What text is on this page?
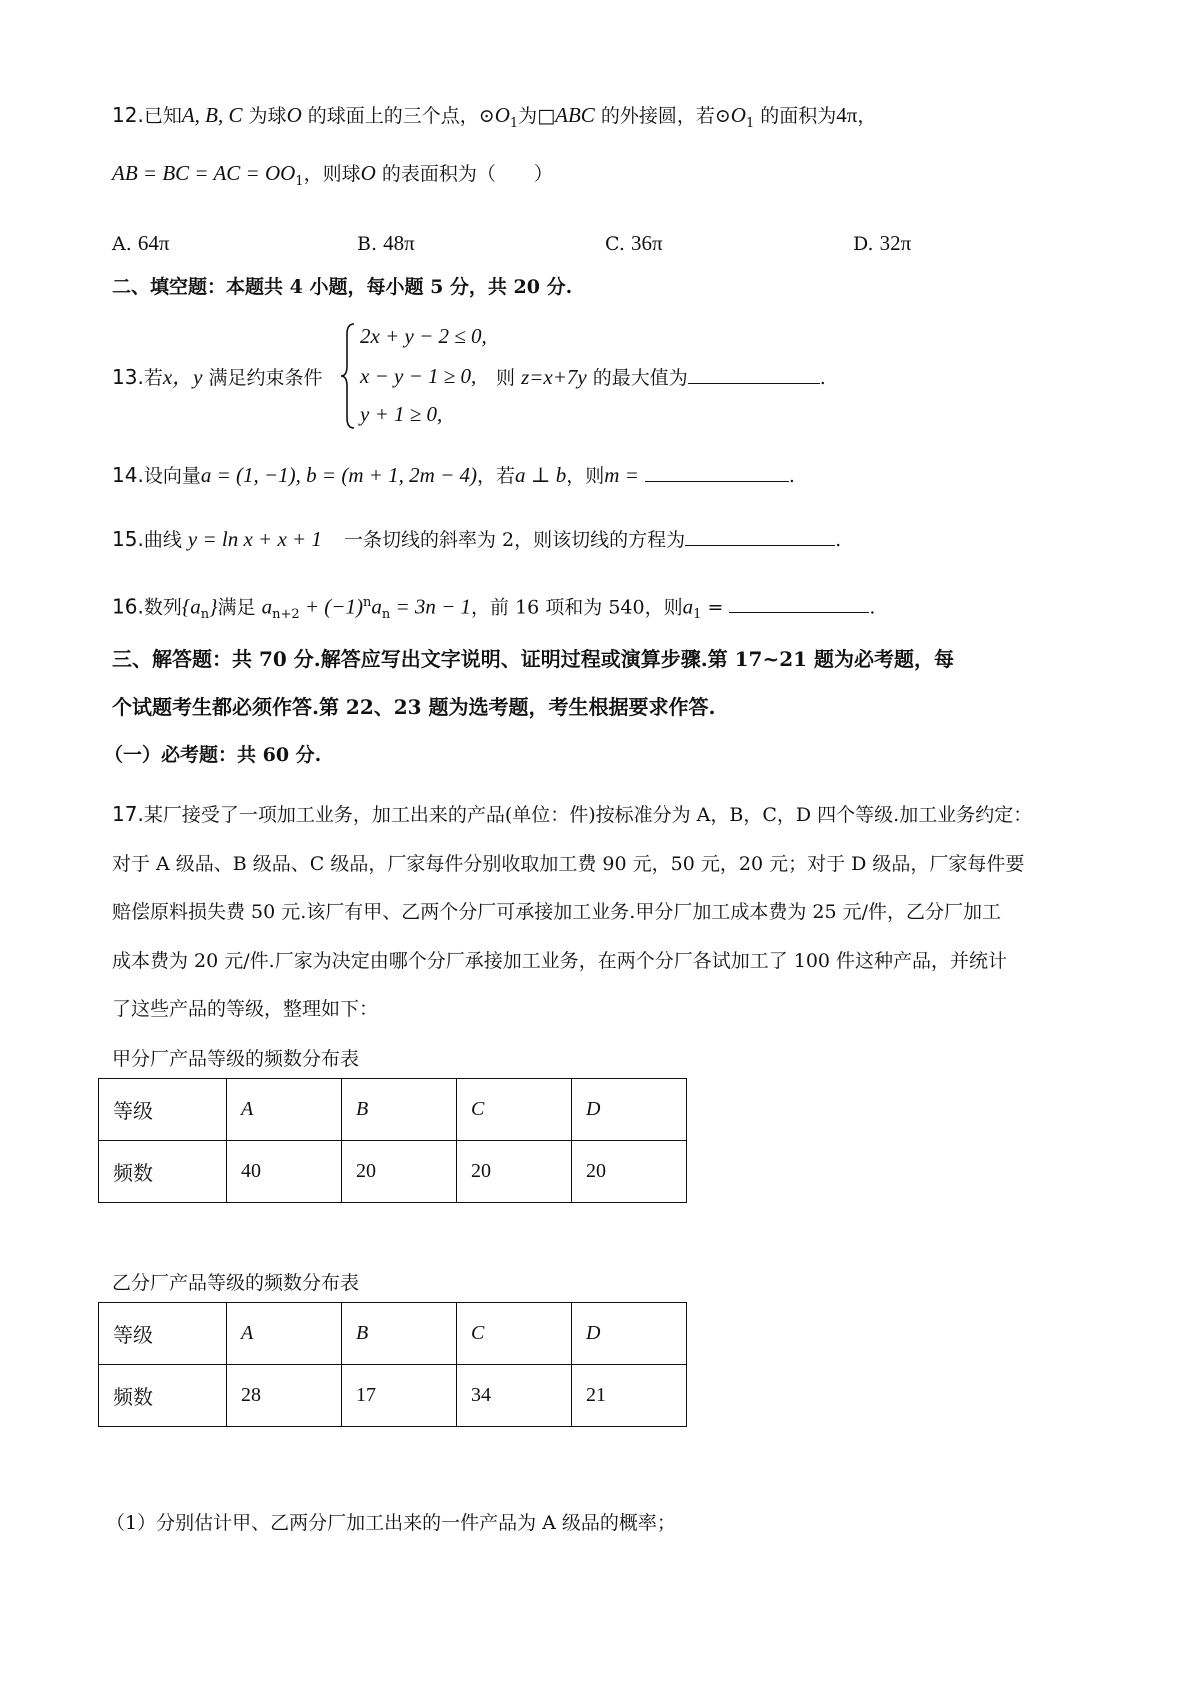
12.已知A, B, C 为球O 的球面上的三个点，$⊙O_1$为□ABC 的外接圆，若$⊙O_1$ 的面积为4π，
AB = BC = AC = $OO_1$，则球O 的表面积为（　　）
A. 64π	B. 48π	C. 36π	D. 32π
二、填空题：本题共 4 小题，每小题 5 分，共 20 分.
13.若x，y 满足约束条件
2x + y − 2 ≤ 0,
x − y − 1 ≥ 0,
y + 1 ≥ 0,
则 z=x+7y 的最大值为	.
14.设向量a = (1, −1), b = (m + 1, 2m − 4)，若a ⊥ b，则m =	.
15.曲线 y = ln x + x + 1 一条切线的斜率为 2，则该切线的方程为	.
16.数列$\{a_n\}$满足 $a_{n+2} + (-1)^na_n = 3n - 1$，前 16 项和为 540，则$a_1$ =	.
三、解答题：共 70 分.解答应写出文字说明、证明过程或演算步骤.第 17~21 题为必考题，每
个试题考生都必须作答.第 22、23 题为选考题，考生根据要求作答.
（一）必考题：共 60 分.
17.某厂接受了一项加工业务，加工出来的产品(单位：件)按标准分为 A，B，C，D 四个等级.加工业务约定：
对于 A 级品、B 级品、C 级品，厂家每件分别收取加工费 90 元，50 元，20 元；对于 D 级品，厂家每件要
赔偿原料损失费 50 元.该厂有甲、乙两个分厂可承接加工业务.甲分厂加工成本费为 25 元/件，乙分厂加工
成本费为 20 元/件.厂家为决定由哪个分厂承接加工业务，在两个分厂各试加工了 100 件这种产品，并统计
了这些产品的等级，整理如下：
甲分厂产品等级的频数分布表
等级	A	B	C	D
频数	40	20	20	20
乙分厂产品等级的频数分布表
等级	A	B	C	D
频数	28	17	34	21
（1）分别估计甲、乙两分厂加工出来的一件产品为 A 级品的概率；
